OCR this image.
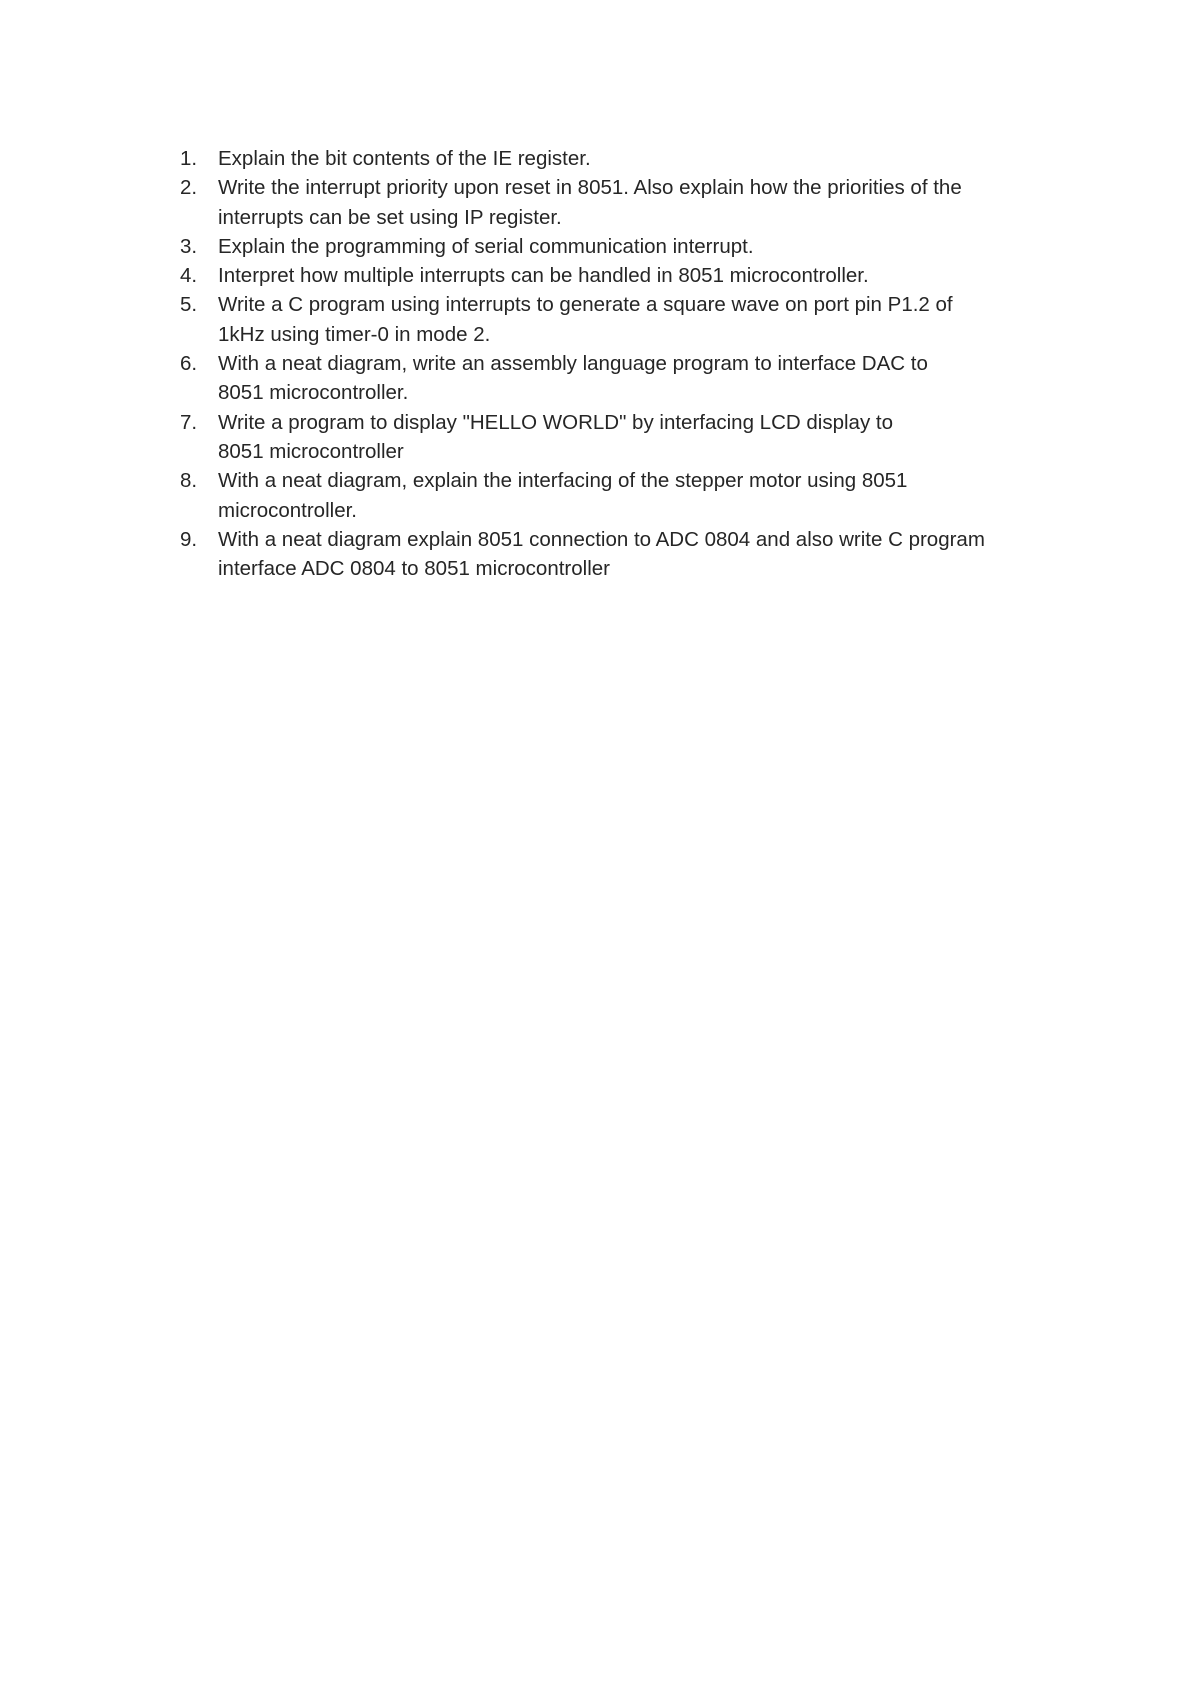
1.	Explain the bit contents of the IE register.
2.	Write the interrupt priority upon reset in 8051. Also explain how the priorities of the
interrupts can be set using IP register.
3.	Explain the programming of serial communication interrupt.
4.	Interpret how multiple interrupts can be handled in 8051 microcontroller.
5.	Write a C program using interrupts to generate a square wave on port pin P1.2 of
1kHz using timer-0 in mode 2.
6.	With a neat diagram, write an assembly language program to interface DAC to
8051 microcontroller.
7.	Write a program to display "HELLO WORLD" by interfacing LCD display to
8051 microcontroller
8.	With a neat diagram, explain the interfacing of the stepper motor using 8051
microcontroller.
9.	With a neat diagram explain 8051 connection to ADC 0804 and also write C program
interface ADC 0804 to 8051 microcontroller
